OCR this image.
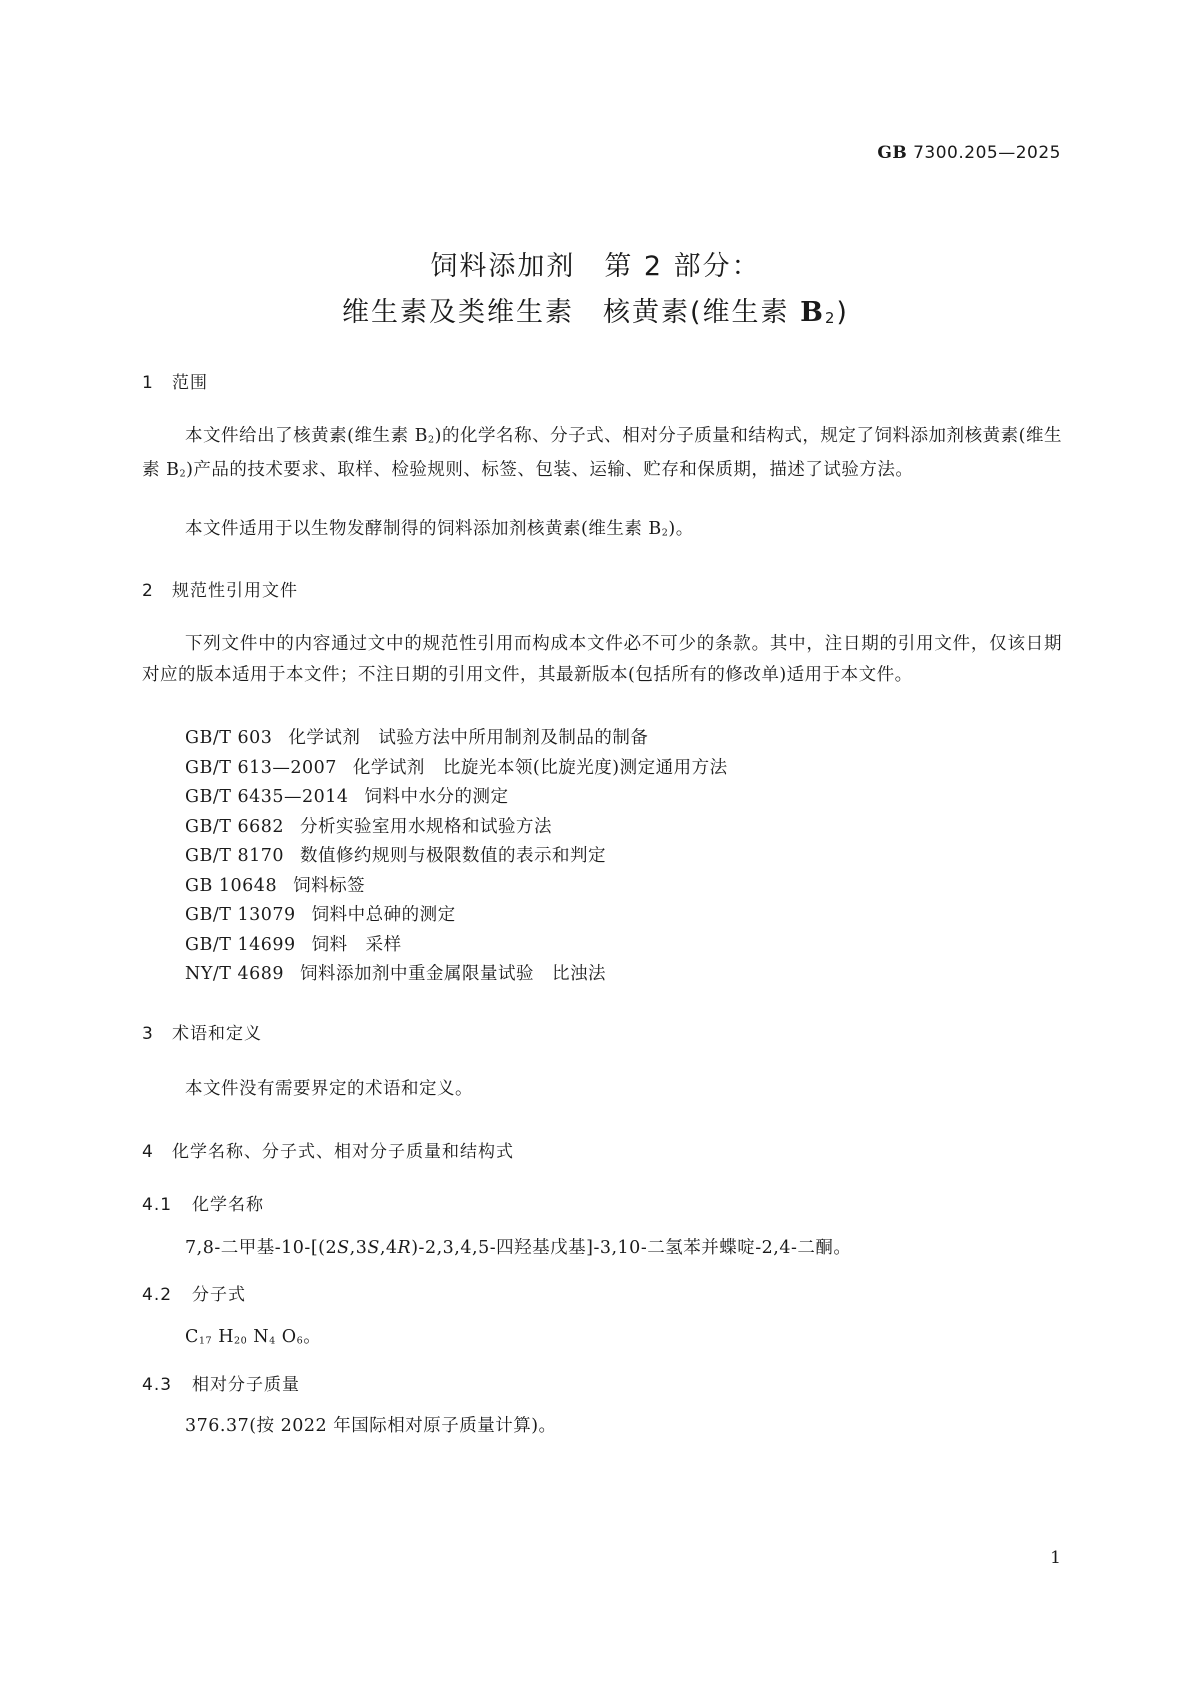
GB 7300.205—2025
饲料添加剂　第 2 部分：
维生素及类维生素　核黄素(维生素 $B_2$)
1 范围
本文件给出了核黄素(维生素 $B_2$)的化学名称、分子式、相对分子质量和结构式，规定了饲料添加剂核黄素(维生素 $B_2$)产品的技术要求、取样、检验规则、标签、包装、运输、贮存和保质期，描述了试验方法。
本文件适用于以生物发酵制得的饲料添加剂核黄素(维生素 $B_2$)。
2 规范性引用文件
下列文件中的内容通过文中的规范性引用而构成本文件必不可少的条款。其中，注日期的引用文件，仅该日期对应的版本适用于本文件；不注日期的引用文件，其最新版本(包括所有的修改单)适用于本文件。
GB/T 603 化学试剂　试验方法中所用制剂及制品的制备
GB/T 613—2007 化学试剂　比旋光本领(比旋光度)测定通用方法
GB/T 6435—2014 饲料中水分的测定
GB/T 6682 分析实验室用水规格和试验方法
GB/T 8170 数值修约规则与极限数值的表示和判定
GB 10648 饲料标签
GB/T 13079 饲料中总砷的测定
GB/T 14699 饲料　采样
NY/T 4689 饲料添加剂中重金属限量试验　比浊法
3 术语和定义
本文件没有需要界定的术语和定义。
4 化学名称、分子式、相对分子质量和结构式
4.1 化学名称
7,8-二甲基-10-[(2S,3S,4R)-2,3,4,5-四羟基戊基]-3,10-二氢苯并蝶啶-2,4-二酮。
4.2 分子式
$C_{17}$ $H_{20}$ $N_4$ $O_6$。
4.3 相对分子质量
376.37(按 2022 年国际相对原子质量计算)。
1
